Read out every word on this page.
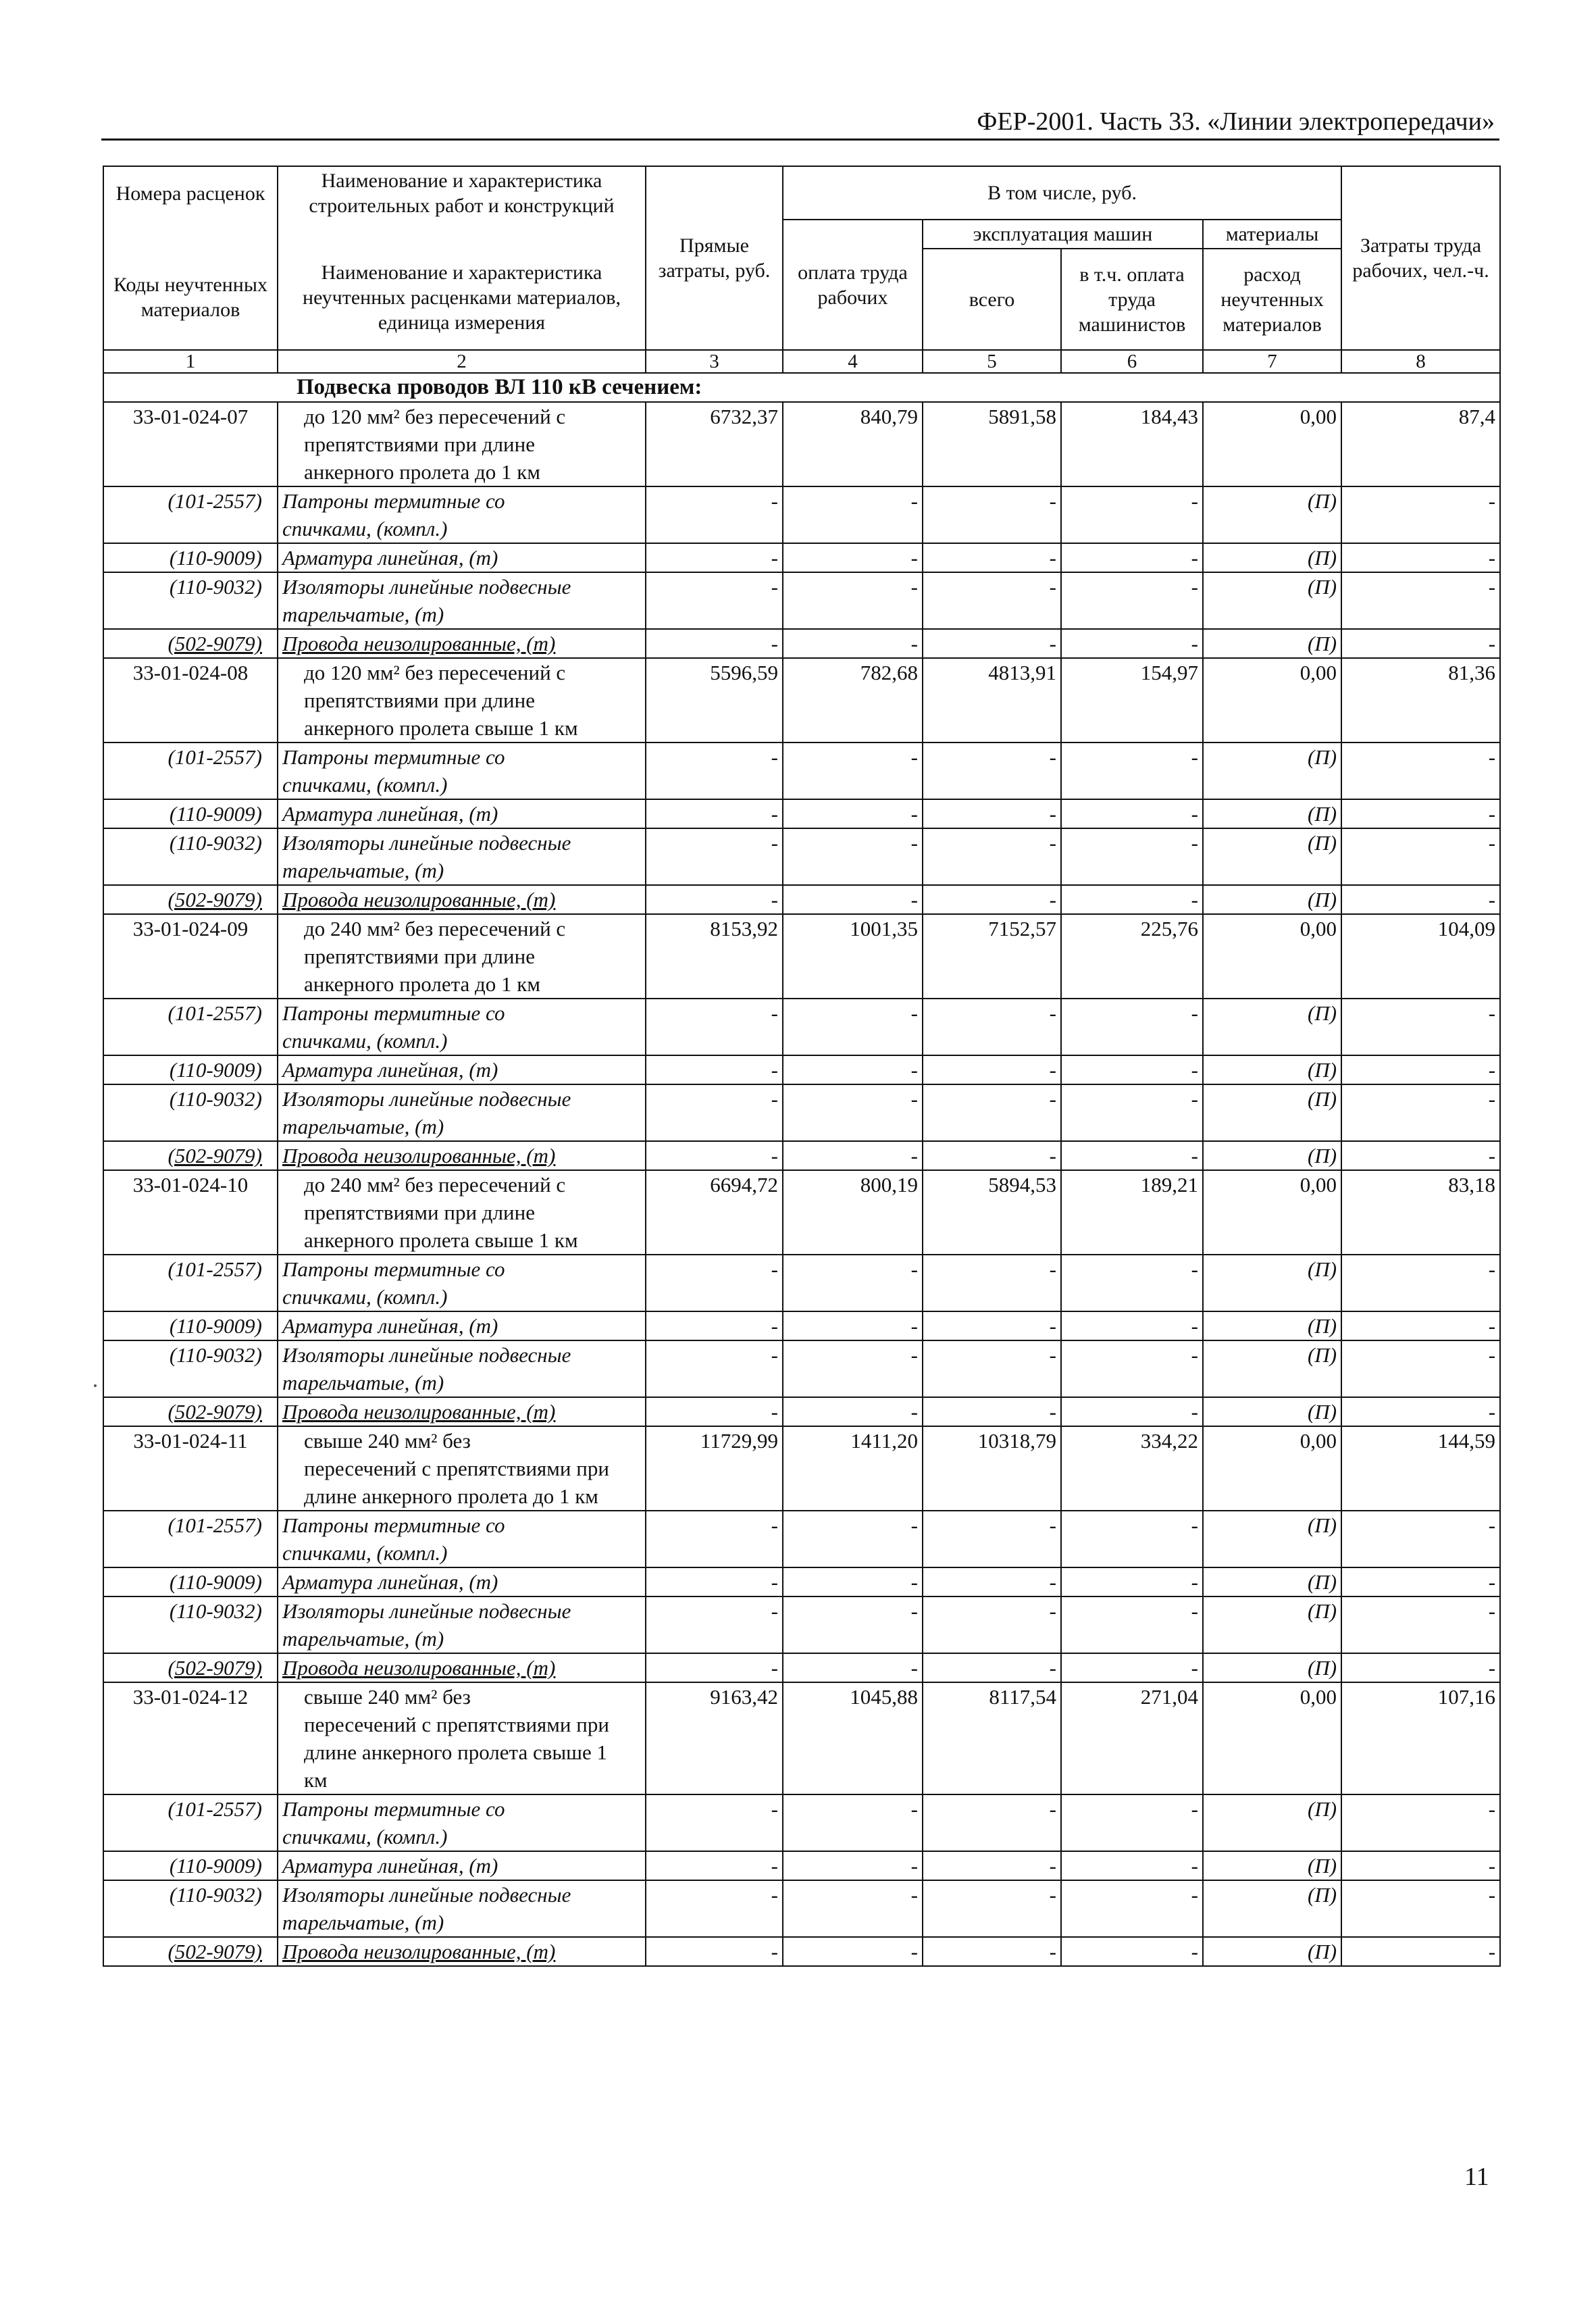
ФЕР-2001. Часть 33. «Линии электропередачи»
Номера расценок	Наименование и характеристика строительных работ и конструкций	Прямые затраты, руб.	В том числе, руб.				Затраты труда рабочих, чел.-ч.
Коды неучтенных материалов	Наименование и характеристика неучтенных расценками материалов, единица измерения		оплата труда рабочих	эксплуатация машин		материалы	
				всего	в т.ч. оплата труда машинистов	расход неучтенных материалов	
1	2	3	4	5	6	7	8
Подвеска проводов ВЛ 110 кВ сечением:							
33-01-024-07	до 120 мм² без пересечений с
препятствиями при длине
анкерного пролета до 1 км	6732,37	840,79	5891,58	184,43	0,00	87,4
(101-2557)	Патроны термитные со
спичками, (компл.)	-	-	-	-	(П)	-
(110-9009)	Арматура линейная, (т)	-	-	-	-	(П)	-
(110-9032)	Изоляторы линейные подвесные
тарельчатые, (т)	-	-	-	-	(П)	-
(502-9079)	Провода неизолированные, (т)	-	-	-	-	(П)	-
33-01-024-08	до 120 мм² без пересечений с
препятствиями при длине
анкерного пролета свыше 1 км	5596,59	782,68	4813,91	154,97	0,00	81,36
(101-2557)	Патроны термитные со
спичками, (компл.)	-	-	-	-	(П)	-
(110-9009)	Арматура линейная, (т)	-	-	-	-	(П)	-
(110-9032)	Изоляторы линейные подвесные
тарельчатые, (т)	-	-	-	-	(П)	-
(502-9079)	Провода неизолированные, (т)	-	-	-	-	(П)	-
33-01-024-09	до 240 мм² без пересечений с
препятствиями при длине
анкерного пролета до 1 км	8153,92	1001,35	7152,57	225,76	0,00	104,09
(101-2557)	Патроны термитные со
спичками, (компл.)	-	-	-	-	(П)	-
(110-9009)	Арматура линейная, (т)	-	-	-	-	(П)	-
(110-9032)	Изоляторы линейные подвесные
тарельчатые, (т)	-	-	-	-	(П)	-
(502-9079)	Провода неизолированные, (т)	-	-	-	-	(П)	-
33-01-024-10	до 240 мм² без пересечений с
препятствиями при длине
анкерного пролета свыше 1 км	6694,72	800,19	5894,53	189,21	0,00	83,18
(101-2557)	Патроны термитные со
спичками, (компл.)	-	-	-	-	(П)	-
(110-9009)	Арматура линейная, (т)	-	-	-	-	(П)	-
(110-9032)	Изоляторы линейные подвесные
тарельчатые, (т)	-	-	-	-	(П)	-
(502-9079)	Провода неизолированные, (т)	-	-	-	-	(П)	-
33-01-024-11	свыше 240 мм² без
пересечений с препятствиями при
длине анкерного пролета до 1 км	11729,99	1411,20	10318,79	334,22	0,00	144,59
(101-2557)	Патроны термитные со
спичками, (компл.)	-	-	-	-	(П)	-
(110-9009)	Арматура линейная, (т)	-	-	-	-	(П)	-
(110-9032)	Изоляторы линейные подвесные
тарельчатые, (т)	-	-	-	-	(П)	-
(502-9079)	Провода неизолированные, (т)	-	-	-	-	(П)	-
33-01-024-12	свыше 240 мм² без
пересечений с препятствиями при
длине анкерного пролета свыше 1
км	9163,42	1045,88	8117,54	271,04	0,00	107,16
(101-2557)	Патроны термитные со
спичками, (компл.)	-	-	-	-	(П)	-
(110-9009)	Арматура линейная, (т)	-	-	-	-	(П)	-
(110-9032)	Изоляторы линейные подвесные
тарельчатые, (т)	-	-	-	-	(П)	-
(502-9079)	Провода неизолированные, (т)	-	-	-	-	(П)	-
11
